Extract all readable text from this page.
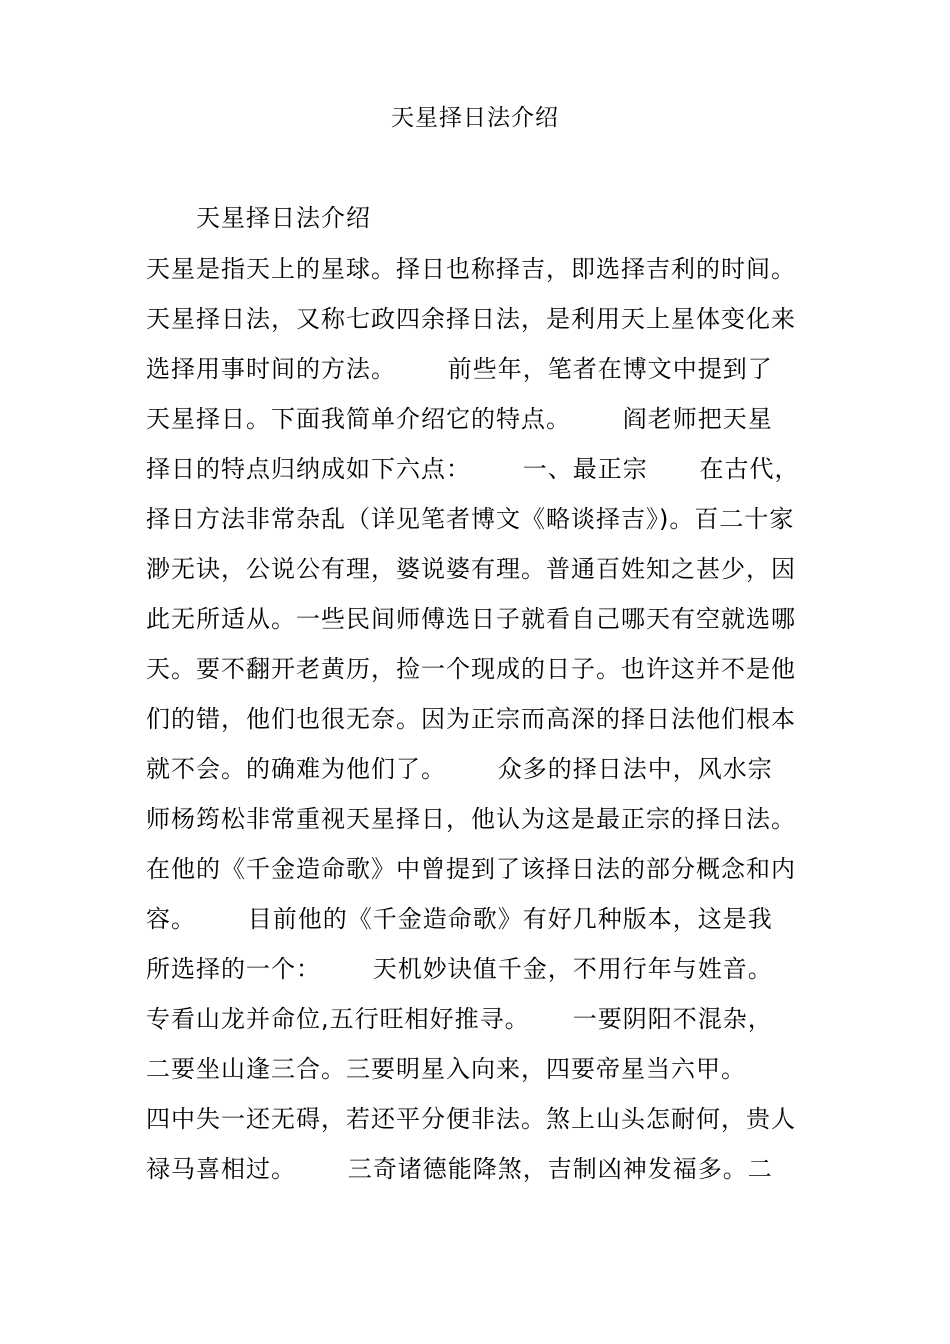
天星择日法介绍
天星择日法介绍
天星是指天上的星球。择日也称择吉，即选择吉利的时间。
天星择日法，又称七政四余择日法，是利用天上星体变化来
选择用事时间的方法。      前些年，笔者在博文中提到了
天星择日。下面我简单介绍它的特点。      阎老师把天星
择日的特点归纳成如下六点：      一、最正宗      在古代，
择日方法非常杂乱（详见笔者博文《略谈择吉》)。百二十家
渺无诀，公说公有理，婆说婆有理。普通百姓知之甚少，因
此无所适从。一些民间师傅选日子就看自己哪天有空就选哪
天。要不翻开老黄历，捡一个现成的日子。也许这并不是他
们的错，他们也很无奈。因为正宗而高深的择日法他们根本
就不会。的确难为他们了。      众多的择日法中，风水宗
师杨筠松非常重视天星择日，他认为这是最正宗的择日法。
在他的《千金造命歌》中曾提到了该择日法的部分概念和内
容。      目前他的《千金造命歌》有好几种版本，这是我
所选择的一个：      天机妙诀值千金，不用行年与姓音。
专看山龙并命位,五行旺相好推寻。     一要阴阳不混杂，
二要坐山逢三合。三要明星入向来，四要帝星当六甲。
四中失一还无碍，若还平分便非法。煞上山头怎耐何，贵人
禄马喜相过。      三奇诸德能降煞，吉制凶神发福多。二
